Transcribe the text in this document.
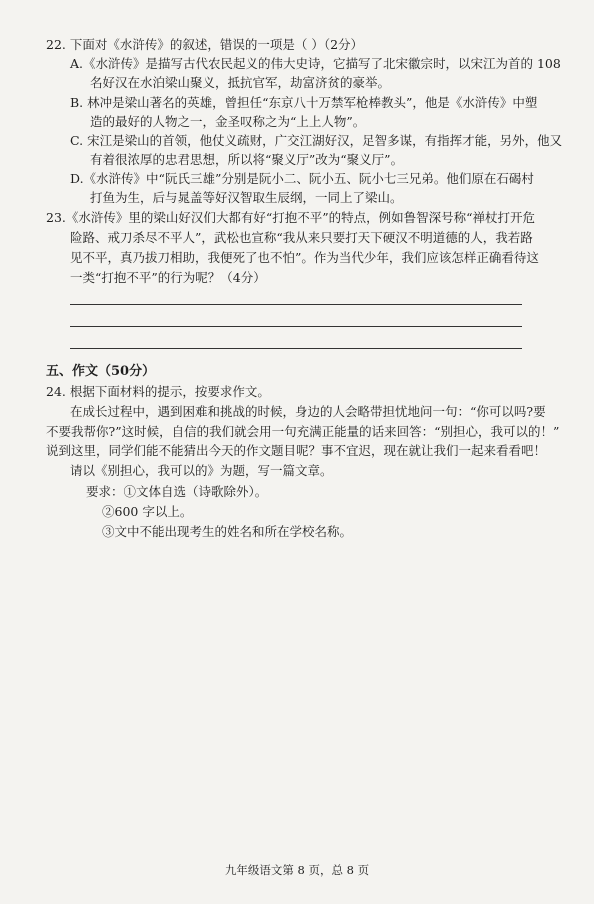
22. 下面对《水浒传》的叙述，错误的一项是（ ）（2分）
A.《水浒传》是描写古代农民起义的伟大史诗，它描写了北宋徽宗时，以宋江为首的 108
名好汉在水泊梁山聚义，抵抗官军，劫富济贫的豪举。
B. 林冲是梁山著名的英雄，曾担任“东京八十万禁军枪棒教头”，他是《水浒传》中塑
造的最好的人物之一，金圣叹称之为“上上人物”。
C. 宋江是梁山的首领，他仗义疏财，广交江湖好汉，足智多谋，有指挥才能，另外，他又
有着很浓厚的忠君思想，所以将“聚义厅”改为“聚义厅”。
D.《水浒传》中“阮氏三雄”分别是阮小二、阮小五、阮小七三兄弟。他们原在石碣村
打鱼为生，后与晁盖等好汉智取生辰纲，一同上了梁山。
23.《水浒传》里的梁山好汉们大都有好“打抱不平”的特点，例如鲁智深号称“禅杖打开危
险路、戒刀杀尽不平人”，武松也宣称“我从来只要打天下硬汉不明道德的人，我若路
见不平，真乃拔刀相助，我便死了也不怕”。作为当代少年，我们应该怎样正确看待这
一类“打抱不平”的行为呢？（4分）
五、作文（50分）
24. 根据下面材料的提示，按要求作文。
在成长过程中，遇到困难和挑战的时候，身边的人会略带担忧地问一句：“你可以吗?要
不要我帮你?”这时候，自信的我们就会用一句充满正能量的话来回答：“别担心，我可以的！”
说到这里，同学们能不能猜出今天的作文题目呢？事不宜迟，现在就让我们一起来看看吧！
请以《别担心，我可以的》为题，写一篇文章。
要求：①文体自选（诗歌除外）。
②600 字以上。
③文中不能出现考生的姓名和所在学校名称。
九年级语文第 8 页，总 8 页
